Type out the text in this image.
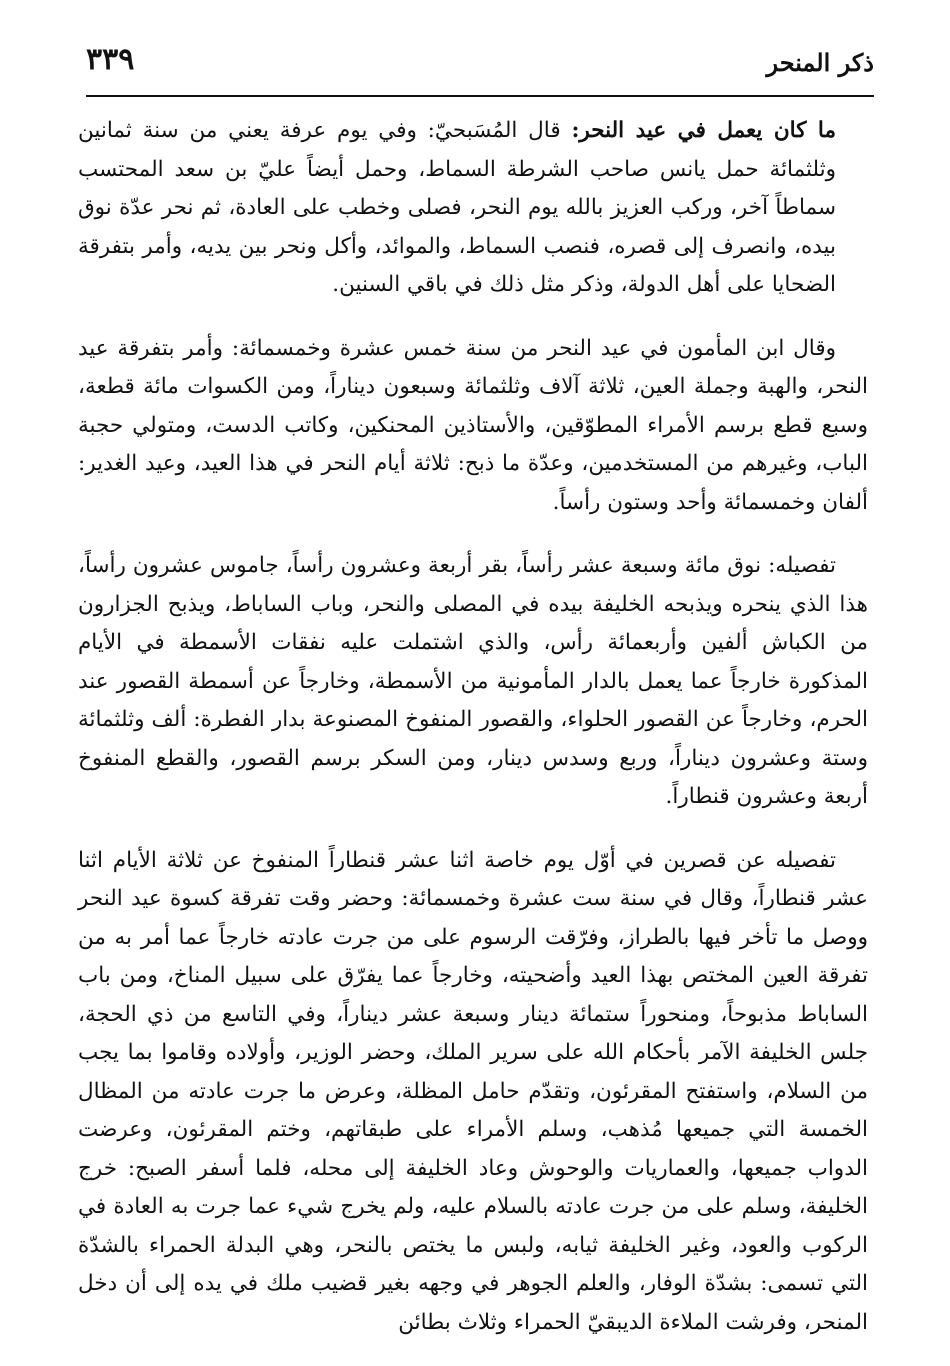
ذكر المنحر
٣٣٩

ما كان يعمل في عيد النحر: قال المُسَبحيّ: وفي يوم عرفة يعني من سنة ثمانين وثلثمائة حمل يانس صاحب الشرطة السماط، وحمل أيضاً عليّ بن سعد المحتسب سماطاً آخر، وركب العزيز بالله يوم النحر، فصلى وخطب على العادة، ثم نحر عدّة نوق بيده، وانصرف إلى قصره، فنصب السماط، والموائد، وأكل ونحر بين يديه، وأمر بتفرقة الضحايا على أهل الدولة، وذكر مثل ذلك في باقي السنين.

وقال ابن المأمون في عيد النحر من سنة خمس عشرة وخمسمائة: وأمر بتفرقة عيد النحر، والهبة وجملة العين، ثلاثة آلاف وثلثمائة وسبعون ديناراً، ومن الكسوات مائة قطعة، وسبع قطع برسم الأمراء المطوّقين، والأستاذين المحنكين، وكاتب الدست، ومتولي حجبة الباب، وغيرهم من المستخدمين، وعدّة ما ذبح: ثلاثة أيام النحر في هذا العيد، وعيد الغدير: ألفان وخمسمائة وأحد وستون رأساً.

تفصيله: نوق مائة وسبعة عشر رأساً، بقر أربعة وعشرون رأساً، جاموس عشرون رأساً، هذا الذي ينحره ويذبحه الخليفة بيده في المصلى والنحر، وباب الساباط، ويذبح الجزارون من الكباش ألفين وأربعمائة رأس، والذي اشتملت عليه نفقات الأسمطة في الأيام المذكورة خارجاً عما يعمل بالدار المأمونية من الأسمطة، وخارجاً عن أسمطة القصور عند الحرم، وخارجاً عن القصور الحلواء، والقصور المنفوخ المصنوعة بدار الفطرة: ألف وثلثمائة وستة وعشرون ديناراً، وربع وسدس دينار، ومن السكر برسم القصور، والقطع المنفوخ أربعة وعشرون قنطاراً.

تفصيله عن قصرين في أوّل يوم خاصة اثنا عشر قنطاراً المنفوخ عن ثلاثة الأيام اثنا عشر قنطاراً، وقال في سنة ست عشرة وخمسمائة: وحضر وقت تفرقة كسوة عيد النحر ووصل ما تأخر فيها بالطراز، وفرّقت الرسوم على من جرت عادته خارجاً عما أمر به من تفرقة العين المختص بهذا العيد وأضحيته، وخارجاً عما يفرّق على سبيل المناخ، ومن باب الساباط مذبوحاً، ومنحوراً ستمائة دينار وسبعة عشر ديناراً، وفي التاسع من ذي الحجة، جلس الخليفة الآمر بأحكام الله على سرير الملك، وحضر الوزير، وأولاده وقاموا بما يجب من السلام، واستفتح المقرئون، وتقدّم حامل المظلة، وعرض ما جرت عادته من المظال الخمسة التي جميعها مُذهب، وسلم الأمراء على طبقاتهم، وختم المقرئون، وعرضت الدواب جميعها، والعماريات والوحوش وعاد الخليفة إلى محله، فلما أسفر الصبح: خرج الخليفة، وسلم على من جرت عادته بالسلام عليه، ولم يخرج شيء عما جرت به العادة في الركوب والعود، وغير الخليفة ثيابه، ولبس ما يختص بالنحر، وهي البدلة الحمراء بالشدّة التي تسمى: بشدّة الوفار، والعلم الجوهر في وجهه بغير قضيب ملك في يده إلى أن دخل المنحر، وفرشت الملاءة الديبقيّ الحمراء وثلاث بطائن
